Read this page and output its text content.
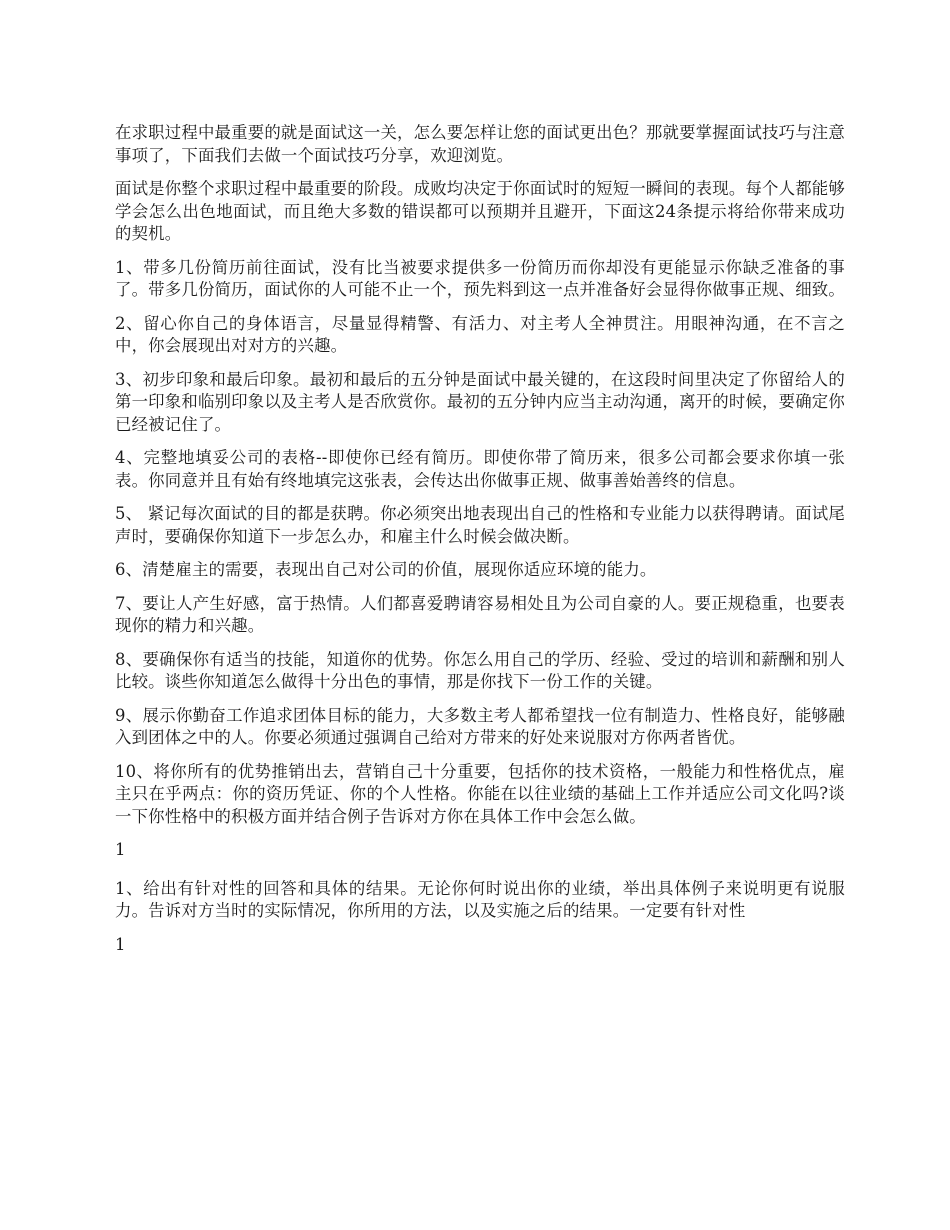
在求职过程中最重要的就是面试这一关，怎么要怎样让您的面试更出色？那就要掌握面试技巧与注意事项了，下面我们去做一个面试技巧分享，欢迎浏览。

面试是你整个求职过程中最重要的阶段。成败均决定于你面试时的短短一瞬间的表现。每个人都能够学会怎么出色地面试，而且绝大多数的错误都可以预期并且避开，下面这24条提示将给你带来成功的契机。

1、带多几份简历前往面试，没有比当被要求提供多一份简历而你却没有更能显示你缺乏准备的事了。带多几份简历，面试你的人可能不止一个，预先料到这一点并准备好会显得你做事正规、细致。

2、留心你自己的身体语言，尽量显得精警、有活力、对主考人全神贯注。用眼神沟通，在不言之中，你会展现出对对方的兴趣。

3、初步印象和最后印象。最初和最后的五分钟是面试中最关键的，在这段时间里决定了你留给人的第一印象和临别印象以及主考人是否欣赏你。最初的五分钟内应当主动沟通，离开的时候，要确定你已经被记住了。

4、完整地填妥公司的表格--即使你已经有简历。即使你带了简历来，很多公司都会要求你填一张表。你同意并且有始有终地填完这张表，会传达出你做事正规、做事善始善终的信息。

5、 紧记每次面试的目的都是获聘。你必须突出地表现出自己的性格和专业能力以获得聘请。面试尾声时，要确保你知道下一步怎么办，和雇主什么时候会做决断。

6、清楚雇主的需要，表现出自己对公司的价值，展现你适应环境的能力。

7、要让人产生好感，富于热情。人们都喜爱聘请容易相处且为公司自豪的人。要正规稳重，也要表现你的精力和兴趣。

8、要确保你有适当的技能，知道你的优势。你怎么用自己的学历、经验、受过的培训和薪酬和别人比较。谈些你知道怎么做得十分出色的事情，那是你找下一份工作的关键。

9、展示你勤奋工作追求团体目标的能力，大多数主考人都希望找一位有制造力、性格良好，能够融入到团体之中的人。你要必须通过强调自己给对方带来的好处来说服对方你两者皆优。

10、将你所有的优势推销出去，营销自己十分重要，包括你的技术资格，一般能力和性格优点，雇主只在乎两点：你的资历凭证、你的个人性格。你能在以往业绩的基础上工作并适应公司文化吗?谈一下你性格中的积极方面并结合例子告诉对方你在具体工作中会怎么做。

1

1、给出有针对性的回答和具体的结果。无论你何时说出你的业绩，举出具体例子来说明更有说服力。告诉对方当时的实际情况，你所用的方法，以及实施之后的结果。一定要有针对性

1
